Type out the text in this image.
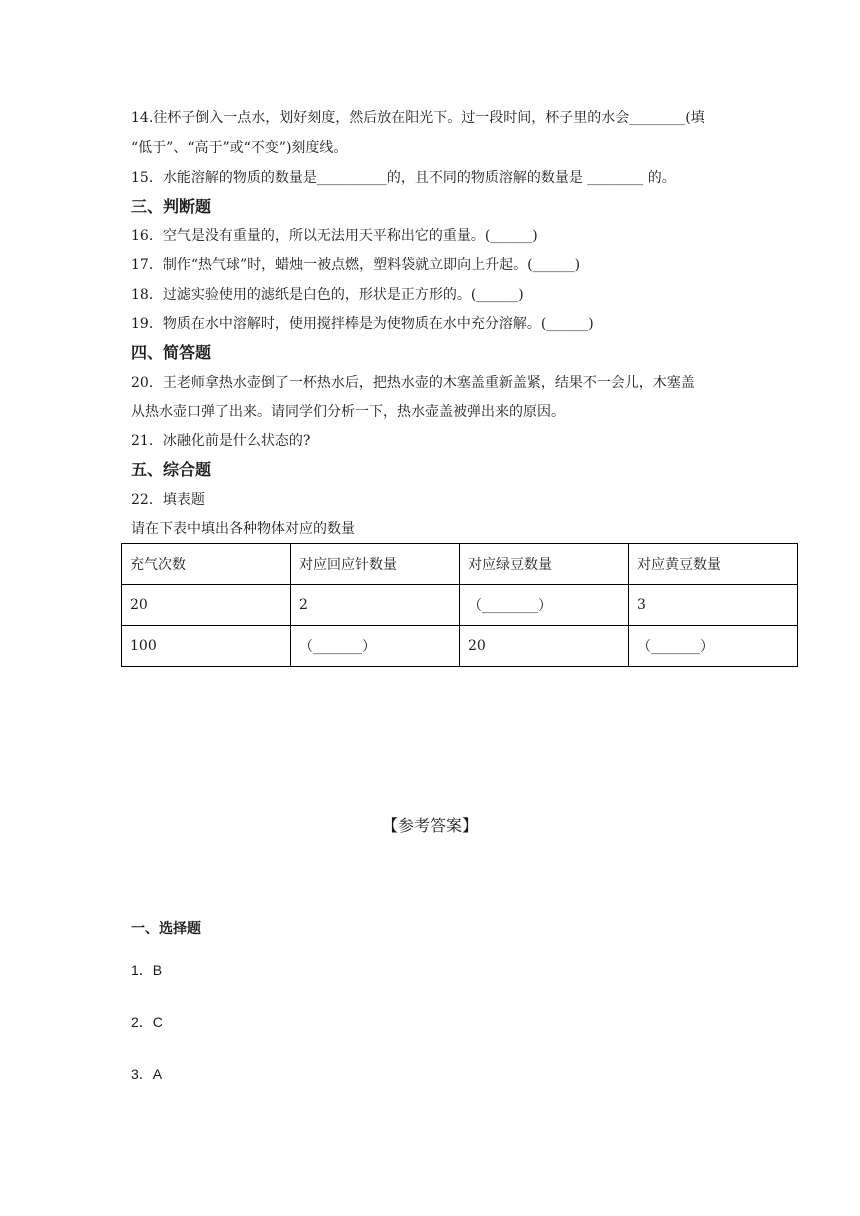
14.往杯子倒入一点水，划好刻度，然后放在阳光下。过一段时间，杯子里的水会________(填
“低于”、“高于”或“不变”)刻度线。
15．水能溶解的物质的数量是__________的，且不同的物质溶解的数量是 ________ 的。
三、判断题
16．空气是没有重量的，所以无法用天平称出它的重量。(______)
17．制作“热气球”时，蜡烛一被点燃，塑料袋就立即向上升起。(______)
18．过滤实验使用的滤纸是白色的，形状是正方形的。(______)
19．物质在水中溶解时，使用搅拌棒是为使物质在水中充分溶解。(______)
四、简答题
20．王老师拿热水壶倒了一杯热水后，把热水壶的木塞盖重新盖紧，结果不一会儿，木塞盖
从热水壶口弹了出来。请同学们分析一下，热水壶盖被弹出来的原因。
21．冰融化前是什么状态的?
五、综合题
22．填表题
请在下表中填出各种物体对应的数量
充气次数	对应回应针数量	对应绿豆数量	对应黄豆数量
20	2	（________）	3
100	（_______）	20	（_______）
【参考答案】
一、选择题
1．B
2．C
3．A
